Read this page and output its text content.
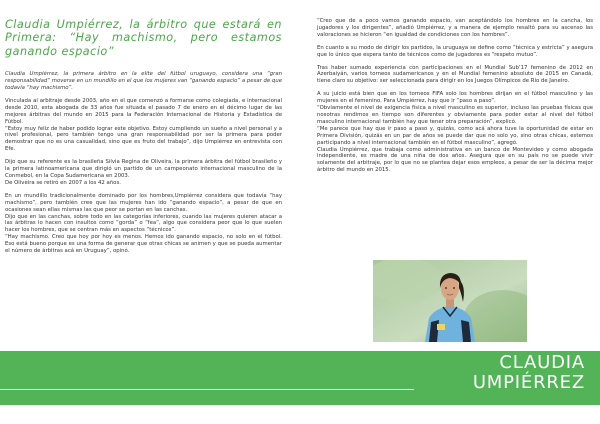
Claudia Umpiérrez, la árbitro que estará en Primera: “Hay machismo, pero estamos ganando espacio”

Claudia Umpiérrez, la primera árbitro en la elite del fútbol uruguayo, considera una “gran responsabilidad” moverse en un mundillo en el que los mujeres van “ganando espacio” a pesar de que todavía “hay machismo”.

Vinculada al arbitraje desde 2003, año en el que comenzó a formarse como colegiada, e internacional desde 2010, esta abogada de 33 años fue situada el pasado 7 de enero en el décimo lugar de las mejores árbitras del mundo en 2015 para la Federación Internacional de Historia y Estadística de Fútbol.

“Estoy muy feliz de haber podido lograr este objetivo. Estoy cumpliendo un sueño a nivel personal y a nivel profesional, pero también tengo una gran responsabilidad por ser la primera para poder demostrar que no es una casualidad, sino que es fruto del trabajo”, dijo Umpiérrez en entrevista con Efe.

Dijo que su referente es la brasileña Silvia Regina de Oliveira, la primera árbitra del fútbol brasileño y la primera latinoamericana que dirigió un partido de un campeonato internacional masculino de la Conmebol, en la Copa Sudamericana en 2003.

De Oliveira se retiró en 2007 a los 42 años.

En un mundillo tradicionalmente dominado por los hombres,Umpiérrez considera que todavía “hay machismo”, pero también cree que las mujeres han ido “ganando espacio”, a pesar de que en ocasiones sean ellas mismas las que peor se portan en las canchas.

Dijo que en las canchas, sobre todo en las categorías inferiores, cuando las mujeres quieren atacar a las árbitras lo hacen con insultos como “gorda” o “fea”, algo que considera peor que lo que suelen hacer los hombres, que se centran más en aspectos “técnicos”.

“Hay machismo. Creo que hoy por hoy es menos. Hemos ido ganando espacio, no solo en el fútbol. Eso está bueno porque es una forma de generar que otras chicas se animen y que se pueda aumentar el número de árbitras acá en Uruguay”, opinó.

“Creo que de a poco vamos ganando espacio, van aceptándolo los hombres en la cancha, los jugadores y los dirigentes”, añadió Umpiérrez, y a manera de ejemplo resaltó para su ascenso las valoraciones se hicieron “en igualdad de condiciones con los hombres”.

En cuanto a su modo de dirigir los partidos, la uruguaya se define como “técnica y estricta” y asegura que lo único que espera tanto de técnicos como de jugadores es “respeto mutuo”.

Tras haber sumado experiencia con participaciones en el Mundial Sub’17 femenino de 2012 en Azerbaiyán, varios torneos sudamericanos y en el Mundial femenino absoluto de 2015 en Canadá, tiene claro su objetivo: ser seleccionada para dirigir en los Juegos Olímpicos de Río de Janeiro.

A su juicio está bien que en los torneos FIFA solo los hombres dirijan en el fútbol masculino y las mujeres en el femenino. Para Umpiérrez, hay que ir “paso a paso”.

“Obviamente el nivel de exigencia física a nivel masculino es superior, incluso las pruebas físicas que nosotras rendimos en tiempo son diferentes y obviamente para poder estar al nivel del fútbol masculino internacional también hay que tener otra preparación”, explicó.

“Me parece que hay que ir paso a paso y, quizás, como acá ahora tuve la oportunidad de estar en Primera División, quizás en un par de años se puede dar que no solo yo, sino otras chicas, estemos participando a nivel internacional también en el fútbol masculino”, agregó.

Claudia Umpiérrez, que trabaja como administrativa en un banco de Montevideo y como abogada independiente, es madre de una niña de dos años. Asegura que en su país no se puede vivir solamente del arbitraje, por lo que no se plantea dejar esos empleos, a pesar de ser la décima mejor árbitro del mundo en 2015.

CLAUDIA
UMPIÉRREZ
